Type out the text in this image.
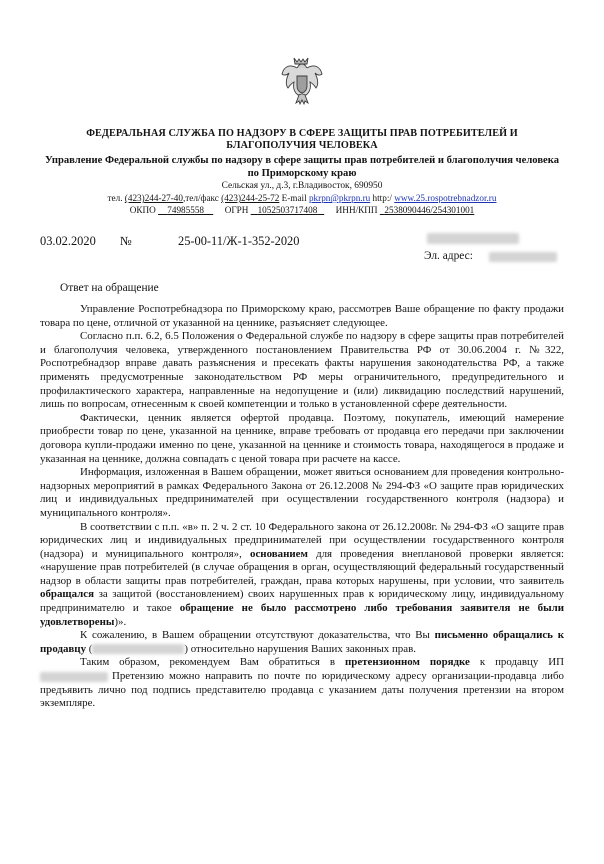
ФЕДЕРАЛЬНАЯ СЛУЖБА ПО НАДЗОРУ В СФЕРЕ ЗАЩИТЫ ПРАВ ПОТРЕБИТЕЛЕЙ И БЛАГОПОЛУЧИЯ ЧЕЛОВЕКА
Управление Федеральной службы по надзору в сфере защиты прав потребителей и благополучия человека по Приморскому краю
Сельская ул., д.3, г.Владивосток, 690950
тел. (423)244-27-40,тел/факс (423)244-25-72 E-mail pkrpn@pkrpn.ru http:/ www.25.rospotrebnadzor.ru
ОКПО 74985558 ОГРН 1052503717408 ИНН/КПП 2538090446/254301001
03.02.2020 №	25-00-11/Ж-1-352-2020
Эл. адрес:
Ответ на обращение

Управление Роспотребнадзора по Приморскому краю, рассмотрев Ваше обращение по факту продажи товара по цене, отличной от указанной на ценнике, разъясняет следующее.

Согласно п.п. 6.2, 6.5 Положения о Федеральной службе по надзору в сфере защиты прав потребителей и благополучия человека, утвержденного постановлением Правительства РФ от 30.06.2004 г. №322, Роспотребнадзор вправе давать разъяснения и пресекать факты нарушения законодательства РФ, а также применять предусмотренные законодательством РФ меры ограничительного, предупредительного и профилактического характера, направленные на недопущение и (или) ликвидацию последствий нарушений, лишь по вопросам, отнесенным к своей компетенции и только в установленной сфере деятельности.

Фактически, ценник является офертой продавца. Поэтому, покупатель, имеющий намерение приобрести товар по цене, указанной на ценнике, вправе требовать от продавца его передачи при заключении договора купли-продажи именно по цене, указанной на ценнике и стоимость товара, находящегося в продаже и указанная на ценнике, должна совпадать с ценой товара при расчете на кассе.

Информация, изложенная в Вашем обращении, может явиться основанием для проведения контрольно-надзорных мероприятий в рамках Федерального Закона от 26.12.2008 № 294-ФЗ «О защите прав юридических лиц и индивидуальных предпринимателей при осуществлении государственного контроля (надзора) и муниципального контроля».

В соответствии с п.п. «в» п. 2 ч. 2 ст. 10 Федерального закона от 26.12.2008г. № 294-ФЗ «О защите прав юридических лиц и индивидуальных предпринимателей при осуществлении государственного контроля (надзора) и муниципального контроля», основанием для проведения внеплановой проверки является: «нарушение прав потребителей (в случае обращения в орган, осуществляющий федеральный государственный надзор в области защиты прав потребителей, граждан, права которых нарушены, при условии, что заявитель обращался за защитой (восстановлением) своих нарушенных прав к юридическому лицу, индивидуальному предпринимателю и такое обращение не было рассмотрено либо требования заявителя не были удовлетворены)».

К сожалению, в Вашем обращении отсутствуют доказательства, что Вы письменно обращались к продавцу (	) относительно нарушения Ваших законных прав.

Таким образом, рекомендуем Вам обратиться в претензионном порядке к продавцу ИП Претензию можно направить по почте по юридическому адресу организации-продавца либо предъявить лично под подпись представителю продавца с указанием даты получения претензии на втором экземпляре.
